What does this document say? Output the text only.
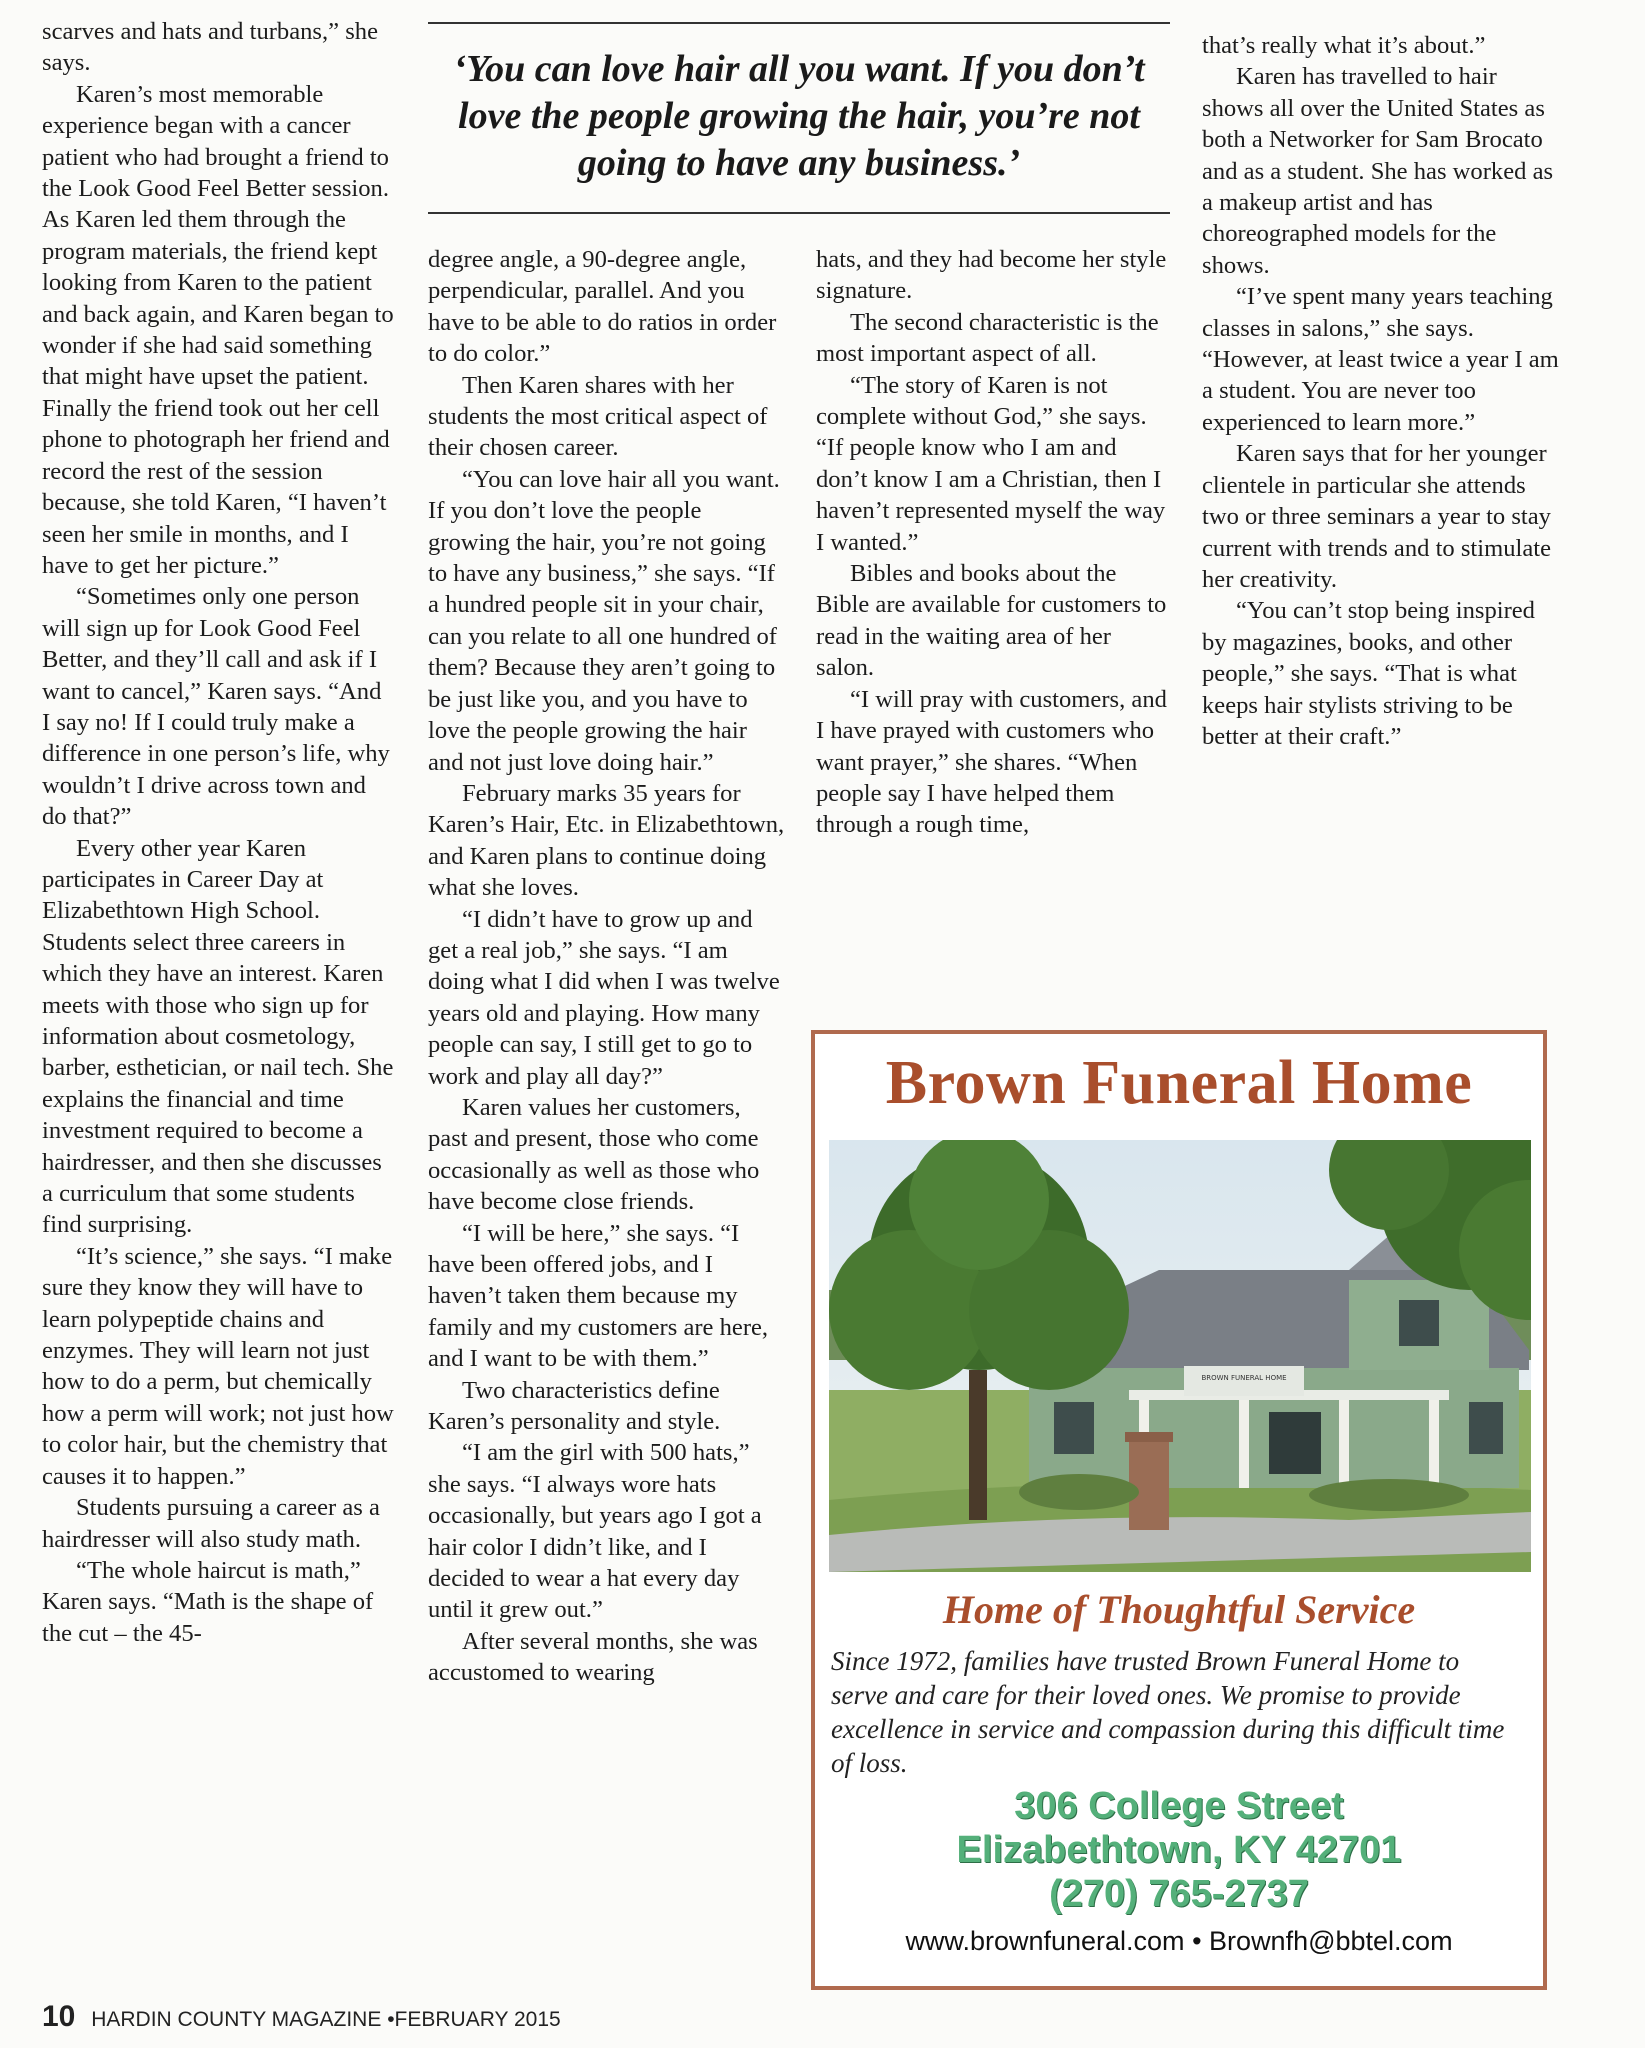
scarves and hats and turbans,” she says.

Karen’s most memorable experience began with a cancer patient who had brought a friend to the Look Good Feel Better session. As Karen led them through the program materials, the friend kept looking from Karen to the patient and back again, and Karen began to wonder if she had said something that might have upset the patient. Finally the friend took out her cell phone to photograph her friend and record the rest of the session because, she told Karen, “I haven’t seen her smile in months, and I have to get her picture.”

“Sometimes only one person will sign up for Look Good Feel Better, and they’ll call and ask if I want to cancel,” Karen says. “And I say no! If I could truly make a difference in one person’s life, why wouldn’t I drive across town and do that?”

Every other year Karen participates in Career Day at Elizabethtown High School. Students select three careers in which they have an interest. Karen meets with those who sign up for information about cosmetology, barber, esthetician, or nail tech. She explains the financial and time investment required to become a hairdresser, and then she discusses a curriculum that some students find surprising.

“It’s science,” she says. “I make sure they know they will have to learn polypeptide chains and enzymes. They will learn not just how to do a perm, but chemically how a perm will work; not just how to color hair, but the chemistry that causes it to happen.”

Students pursuing a career as a hairdresser will also study math.

“The whole haircut is math,” Karen says. “Math is the shape of the cut – the 45-

‘You can love hair all you want. If you don’t love the people growing the hair, you’re not going to have any business.’

degree angle, a 90-degree angle, perpendicular, parallel. And you have to be able to do ratios in order to do color.”

Then Karen shares with her students the most critical aspect of their chosen career.

“You can love hair all you want. If you don’t love the people growing the hair, you’re not going to have any business,” she says. “If a hundred people sit in your chair, can you relate to all one hundred of them? Because they aren’t going to be just like you, and you have to love the people growing the hair and not just love doing hair.”

February marks 35 years for Karen’s Hair, Etc. in Elizabethtown, and Karen plans to continue doing what she loves.

“I didn’t have to grow up and get a real job,” she says. “I am doing what I did when I was twelve years old and playing. How many people can say, I still get to go to work and play all day?”

Karen values her customers, past and present, those who come occasionally as well as those who have become close friends.

“I will be here,” she says. “I have been offered jobs, and I haven’t taken them because my family and my customers are here, and I want to be with them.”

Two characteristics define Karen’s personality and style.

“I am the girl with 500 hats,” she says. “I always wore hats occasionally, but years ago I got a hair color I didn’t like, and I decided to wear a hat every day until it grew out.”

After several months, she was accustomed to wearing

hats, and they had become her style signature.

The second characteristic is the most important aspect of all.

“The story of Karen is not complete without God,” she says. “If people know who I am and don’t know I am a Christian, then I haven’t represented myself the way I wanted.”

Bibles and books about the Bible are available for customers to read in the waiting area of her salon.

“I will pray with customers, and I have prayed with customers who want prayer,” she shares. “When people say I have helped them through a rough time,

that’s really what it’s about.”

Karen has travelled to hair shows all over the United States as both a Networker for Sam Brocato and as a student. She has worked as a makeup artist and has choreographed models for the shows.

“I’ve spent many years teaching classes in salons,” she says. “However, at least twice a year I am a student. You are never too experienced to learn more.”

Karen says that for her younger clientele in particular she attends two or three seminars a year to stay current with trends and to stimulate her creativity.

“You can’t stop being inspired by magazines, books, and other people,” she says. “That is what keeps hair stylists striving to be better at their craft.”

Brown Funeral Home
BROWN FUNERAL HOME
Home of Thoughtful Service
Since 1972, families have trusted Brown Funeral Home to serve and care for their loved ones. We promise to provide excellence in service and compassion during this difficult time of loss.
306 College Street
Elizabethtown, KY 42701
(270) 765-2737
www.brownfuneral.com • Brownfh@bbtel.com
10 HARDIN COUNTY MAGAZINE •FEBRUARY 2015
